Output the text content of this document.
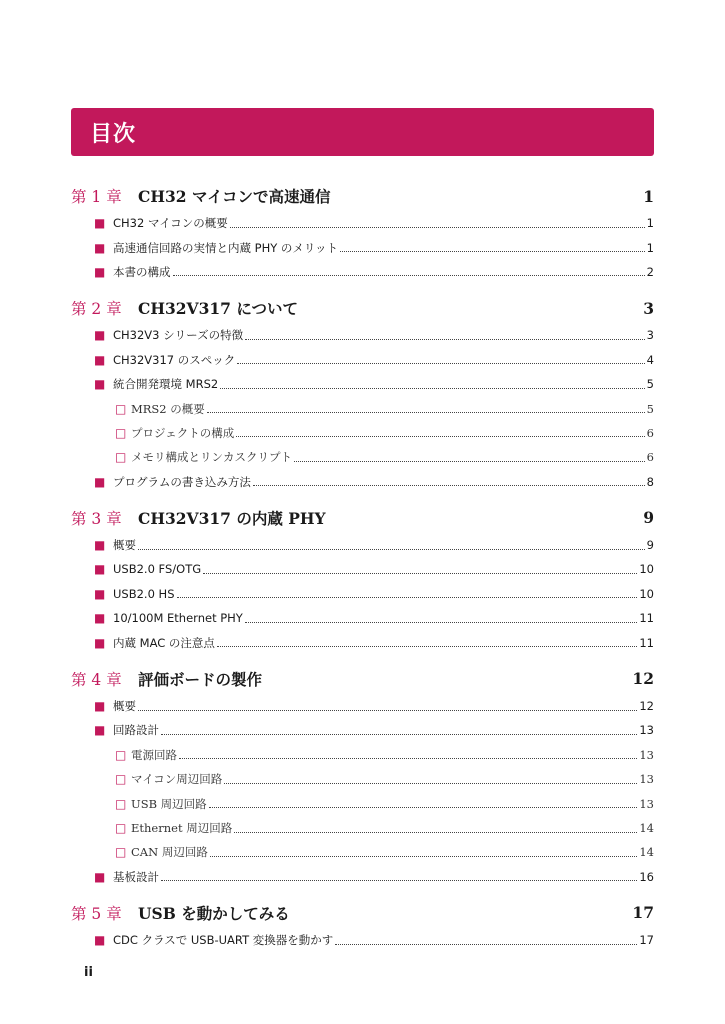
目次
第 1 章	CH32 マイコンで高速通信	1
■ CH32 マイコンの概要	1
■ 高速通信回路の実情と内蔵 PHY のメリット	1
■ 本書の構成	2
第 2 章	CH32V317 について	3
■ CH32V3 シリーズの特徴	3
■ CH32V317 のスペック	4
■ 統合開発環境 MRS2	5
□ MRS2 の概要	5
□ プロジェクトの構成	6
□ メモリ構成とリンカスクリプト	6
■ プログラムの書き込み方法	8
第 3 章	CH32V317 の内蔵 PHY	9
■ 概要	9
■ USB2.0 FS/OTG	10
■ USB2.0 HS	10
■ 10/100M Ethernet PHY	11
■ 内蔵 MAC の注意点	11
第 4 章	評価ボードの製作	12
■ 概要	12
■ 回路設計	13
□ 電源回路	13
□ マイコン周辺回路	13
□ USB 周辺回路	13
□ Ethernet 周辺回路	14
□ CAN 周辺回路	14
■ 基板設計	16
第 5 章	USB を動かしてみる	17
■ CDC クラスで USB-UART 変換器を動かす	17
ii
